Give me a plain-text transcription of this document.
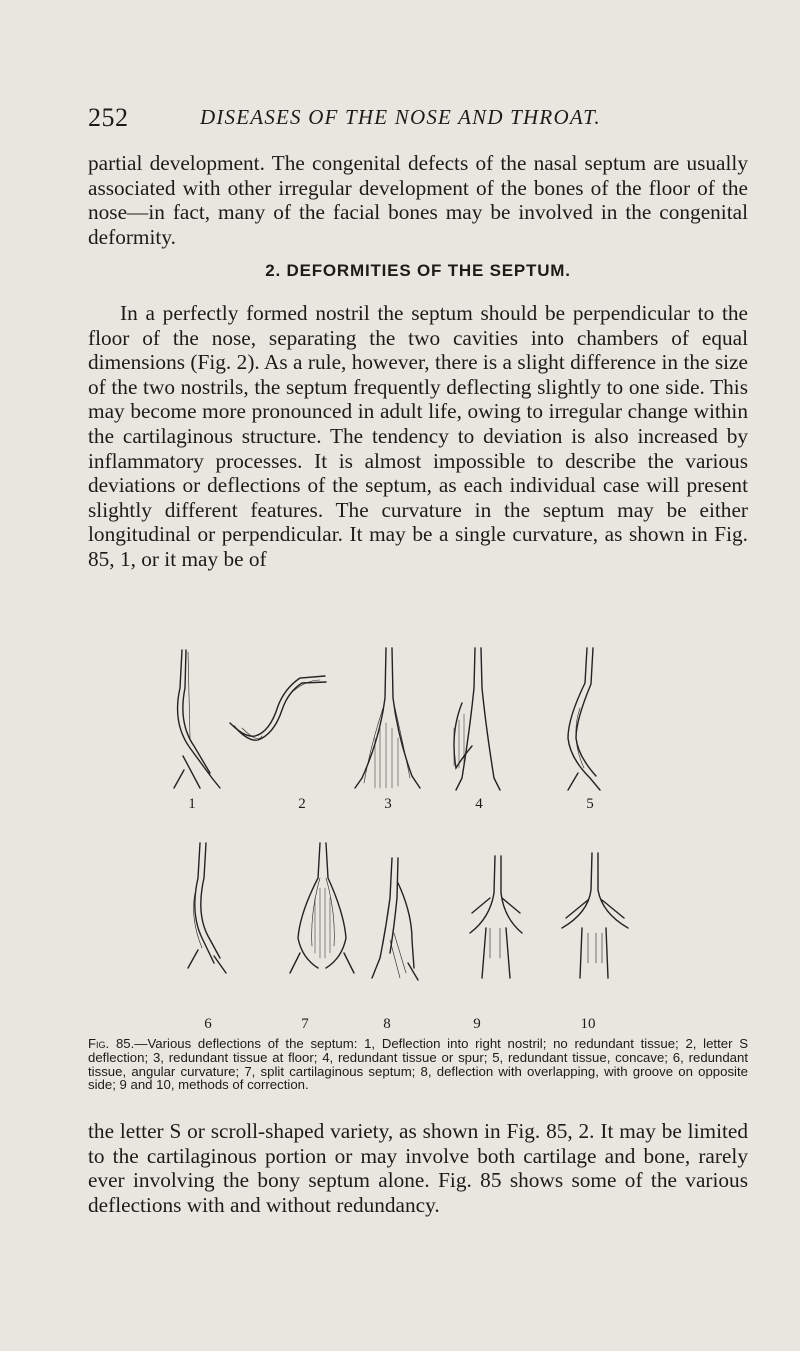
252	DISEASES OF THE NOSE AND THROAT.

partial development. The congenital defects of the nasal septum are usually associated with other irregular development of the bones of the floor of the nose—in fact, many of the facial bones may be involved in the congenital deformity.

2. DEFORMITIES OF THE SEPTUM.

In a perfectly formed nostril the septum should be perpendicular to the floor of the nose, separating the two cavities into chambers of equal dimensions (Fig. 2). As a rule, however, there is a slight difference in the size of the two nostrils, the septum frequently deflecting slightly to one side. This may become more pronounced in adult life, owing to irregular change within the cartilaginous structure. The tendency to deviation is also increased by inflammatory processes. It is almost impossible to describe the various deviations or deflections of the septum, as each individual case will present slightly different features. The curvature in the septum may be either longitudinal or perpendicular. It may be a single curvature, as shown in Fig. 85, 1, or it may be of

1	2	3	4	5
6	7	8	9	10

Fig. 85.—Various deflections of the septum: 1, Deflection into right nostril; no redundant tissue; 2, letter S deflection; 3, redundant tissue at floor; 4, redundant tissue or spur; 5, redundant tissue, concave; 6, redundant tissue, angular curvature; 7, split cartilaginous septum; 8, deflection with overlapping, with groove on opposite side; 9 and 10, methods of correction.

the letter S or scroll-shaped variety, as shown in Fig. 85, 2. It may be limited to the cartilaginous portion or may involve both cartilage and bone, rarely ever involving the bony septum alone. Fig. 85 shows some of the various deflections with and without redundancy.
